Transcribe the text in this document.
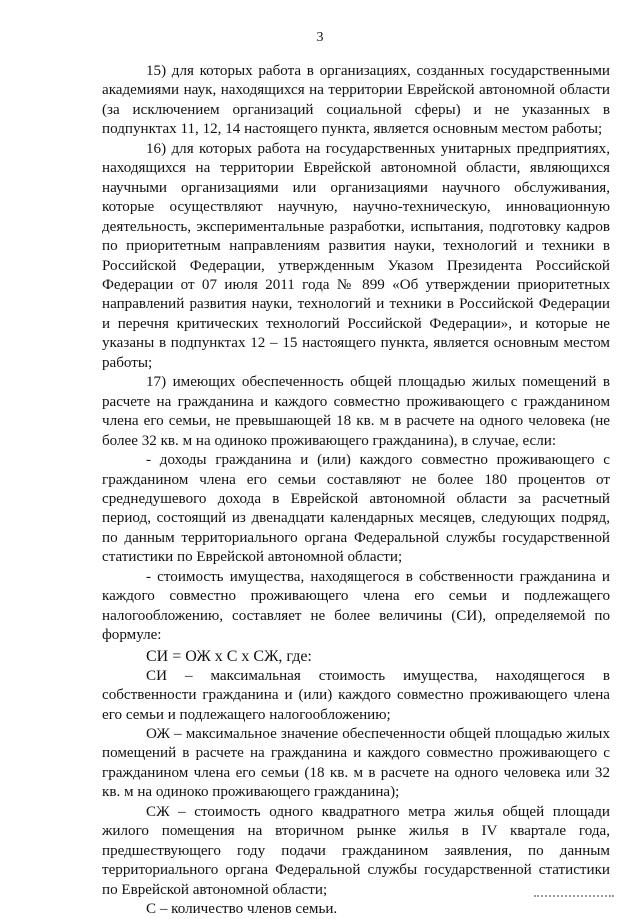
3

15) для которых работа в организациях, созданных государственными академиями наук, находящихся на территории Еврейской автономной области (за исключением организаций социальной сферы) и не указанных в подпунктах 11, 12, 14 настоящего пункта, является основным местом работы;

16) для которых работа на государственных унитарных предприятиях, находящихся на территории Еврейской автономной области, являющихся научными организациями или организациями научного обслуживания, которые осуществляют научную, научно-техническую, инновационную деятельность, экспериментальные разработки, испытания, подготовку кадров по приоритетным направлениям развития науки, технологий и техники в Российской Федерации, утвержденным Указом Президента Российской Федерации от 07 июля 2011 года № 899 «Об утверждении приоритетных направлений развития науки, технологий и техники в Российской Федерации и перечня критических технологий Российской Федерации», и которые не указаны в подпунктах 12 – 15 настоящего пункта, является основным местом работы;

17) имеющих обеспеченность общей площадью жилых помещений в расчете на гражданина и каждого совместно проживающего с гражданином члена его семьи, не превышающей 18 кв. м в расчете на одного человека (не более 32 кв. м на одиноко проживающего гражданина), в случае, если:

- доходы гражданина и (или) каждого совместно проживающего с гражданином члена его семьи составляют не более 180 процентов от среднедушевого дохода в Еврейской автономной области за расчетный период, состоящий из двенадцати календарных месяцев, следующих подряд, по данным территориального органа Федеральной службы государственной статистики по Еврейской автономной области;

- стоимость имущества, находящегося в собственности гражданина и каждого совместно проживающего члена его семьи и подлежащего налогообложению, составляет не более величины (СИ), определяемой по формуле:

СИ = ОЖ х С х СЖ, где:

СИ – максимальная стоимость имущества, находящегося в собственности гражданина и (или) каждого совместно проживающего члена его семьи и подлежащего налогообложению;

ОЖ – максимальное значение обеспеченности общей площадью жилых помещений в расчете на гражданина и каждого совместно проживающего с гражданином члена его семьи (18 кв. м в расчете на одного человека или 32 кв. м на одиноко проживающего гражданина);

СЖ – стоимость одного квадратного метра жилья общей площади жилого помещения на вторичном рынке жилья в IV квартале года, предшествующего году подачи гражданином заявления, по данным территориального органа Федеральной службы государственной статистики по Еврейской автономной области;

С – количество членов семьи.
